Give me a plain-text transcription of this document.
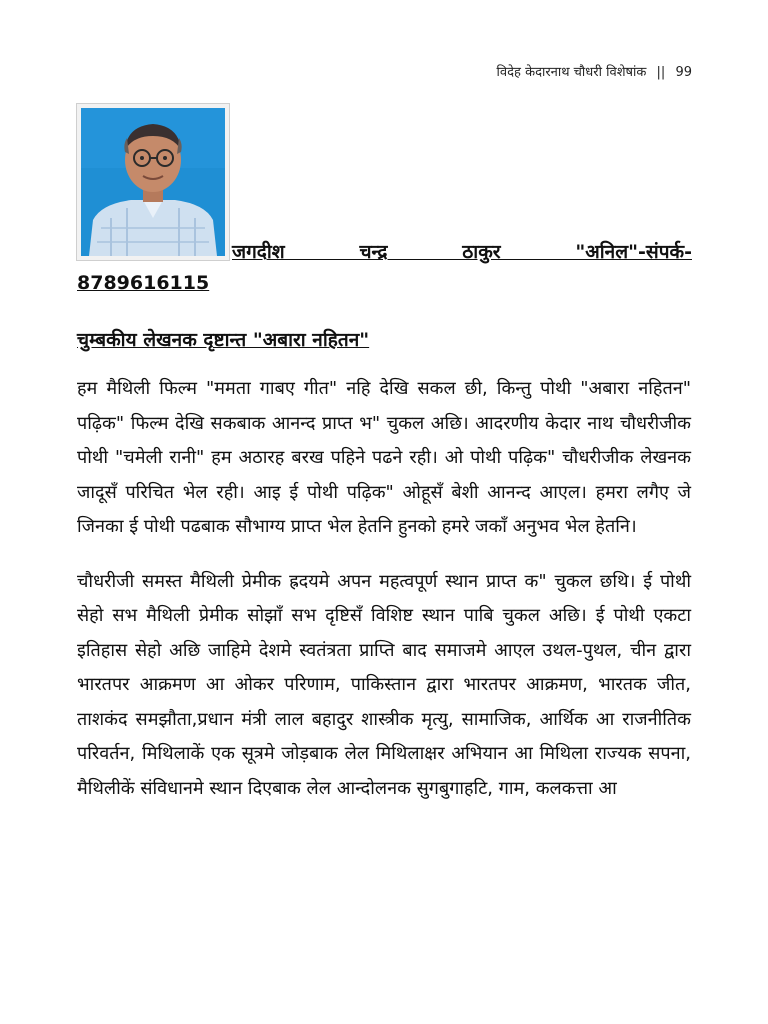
विदेह केदारनाथ चौधरी विशेषांक || 99
जगदीश चन्द्र ठाकुर "अनिल"-संपर्क-
8789616115
चुम्बकीय लेखनक दृष्टान्त "अबारा नहितन"

हम मैथिली फिल्म "ममता गाबए गीत" नहि देखि सकल छी, किन्तु पोथी "अबारा नहितन" पढ़िक" फिल्म देखि सकबाक आनन्द प्राप्त भ" चुकल अछि। आदरणीय केदार नाथ चौधरीजीक पोथी "चमेली रानी" हम अठारह बरख पहिने पढने रही। ओ पोथी पढ़िक" चौधरीजीक लेखनक जादूसँ परिचित भेल रही। आइ ई पोथी पढ़िक" ओहूसँ बेशी आनन्द आएल। हमरा लगैए जे जिनका ई पोथी पढबाक सौभाग्य प्राप्त भेल हेतनि हुनको हमरे जकाँ अनुभव भेल हेतनि।

चौधरीजी समस्त मैथिली प्रेमीक ह्रदयमे अपन महत्वपूर्ण स्थान प्राप्त क" चुकल छथि। ई पोथी सेहो सभ मैथिली प्रेमीक सोझाँ सभ दृष्टिसँ विशिष्ट स्थान पाबि चुकल अछि। ई पोथी एकटा इतिहास सेहो अछि जाहिमे देशमे स्वतंत्रता प्राप्ति बाद समाजमे आएल उथल-पुथल, चीन द्वारा भारतपर आक्रमण आ ओकर परिणाम, पाकिस्तान द्वारा भारतपर आक्रमण, भारतक जीत, ताशकंद समझौता,प्रधान मंत्री लाल बहादुर शास्त्रीक मृत्यु, सामाजिक, आर्थिक आ राजनीतिक परिवर्तन, मिथिलाकें एक सूत्रमे जोड़बाक लेल मिथिलाक्षर अभियान आ मिथिला राज्यक सपना, मैथिलीकें संविधानमे स्थान दिएबाक लेल आन्दोलनक सुगबुगाहटि, गाम, कलकत्ता आ
